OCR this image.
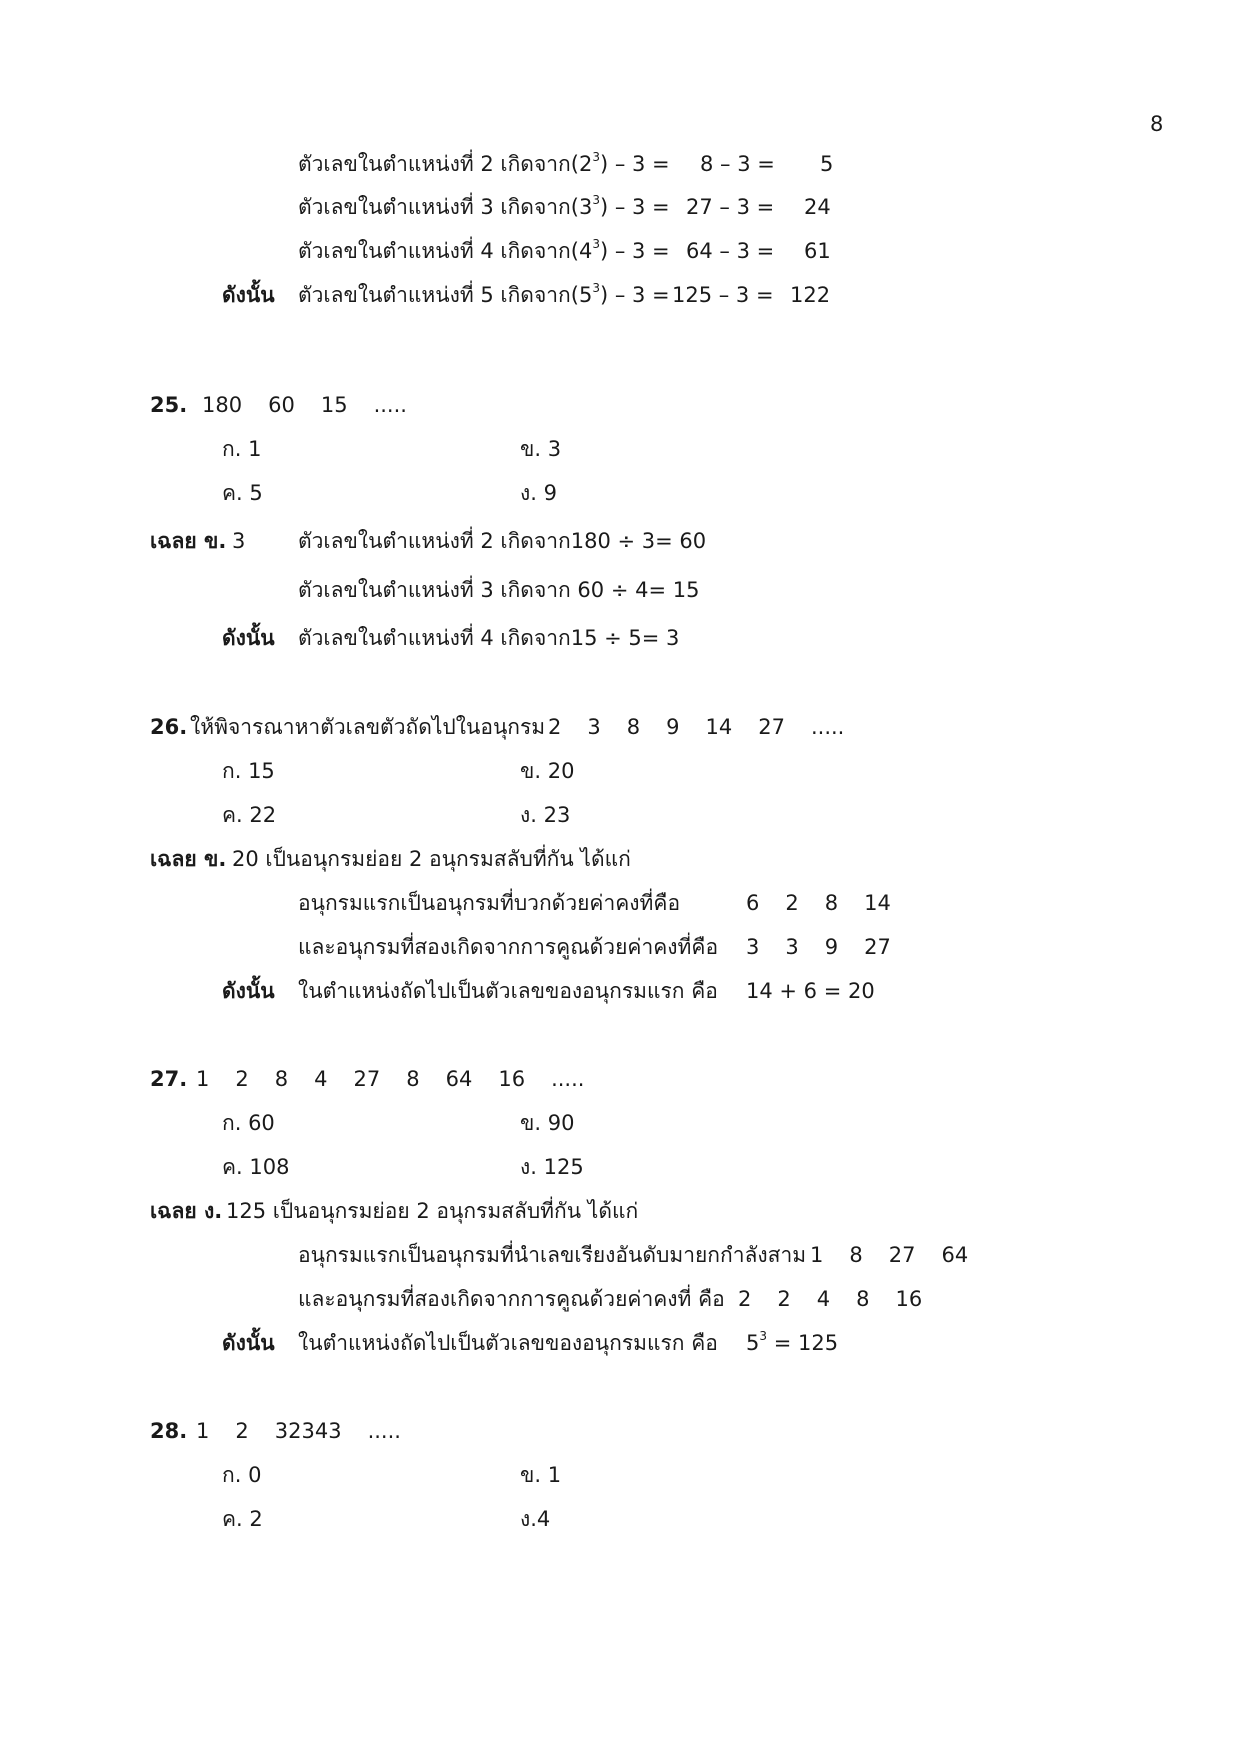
8
ตัวเลขในตำแหน่งที่ 2 เกิดจาก$(2^3) - 3 = 8 - 3 = 5$
ตัวเลขในตำแหน่งที่ 3 เกิดจาก$(3^3) - 3 = 27 - 3 = 24$
ตัวเลขในตำแหน่งที่ 4 เกิดจาก$(4^3) - 3 = 64 - 3 = 61$
ดังนั้น ตัวเลขในตำแหน่งที่ 5 เกิดจาก$(5^3) - 3 = 125 - 3 = 122$
25. 180 60 15 .....
ก. 1	ข. 3
ค. 5	ง. 9
เฉลย ข. 3	ตัวเลขในตำแหน่งที่ 2 เกิดจาก180 ÷ 3= 60
ตัวเลขในตำแหน่งที่ 3 เกิดจาก 60 ÷ 4= 15
ดังนั้น ตัวเลขในตำแหน่งที่ 4 เกิดจาก15 ÷ 5= 3
26. ให้พิจารณาหาตัวเลขตัวถัดไปในอนุกรม 2 3 8 9 14 27 .....
ก. 15	ข. 20
ค. 22	ง. 23
เฉลย ข. 20 เป็นอนุกรมย่อย 2 อนุกรมสลับที่กัน ได้แก่
อนุกรมแรกเป็นอนุกรมที่บวกด้วยค่าคงที่คือ	6 2 8 14
และอนุกรมที่สองเกิดจากการคูณด้วยค่าคงที่คือ 3 3 9 27
ดังนั้น ในตำแหน่งถัดไปเป็นตัวเลขของอนุกรมแรก คือ 14 + 6 = 20
27. 1 2 8 4 27 8 64 16 .....
ก. 60	ข. 90
ค. 108	ง. 125
เฉลย ง. 125 เป็นอนุกรมย่อย 2 อนุกรมสลับที่กัน ได้แก่
อนุกรมแรกเป็นอนุกรมที่นำเลขเรียงอันดับมายกกำลังสาม 1 8 27 64
และอนุกรมที่สองเกิดจากการคูณด้วยค่าคงที่ คือ 2 2 4 8 16
ดังนั้น ในตำแหน่งถัดไปเป็นตัวเลขของอนุกรมแรก คือ $5^3 = 125$
28. 1 2 32343 .....
ก. 0	ข. 1
ค. 2	ง.4
